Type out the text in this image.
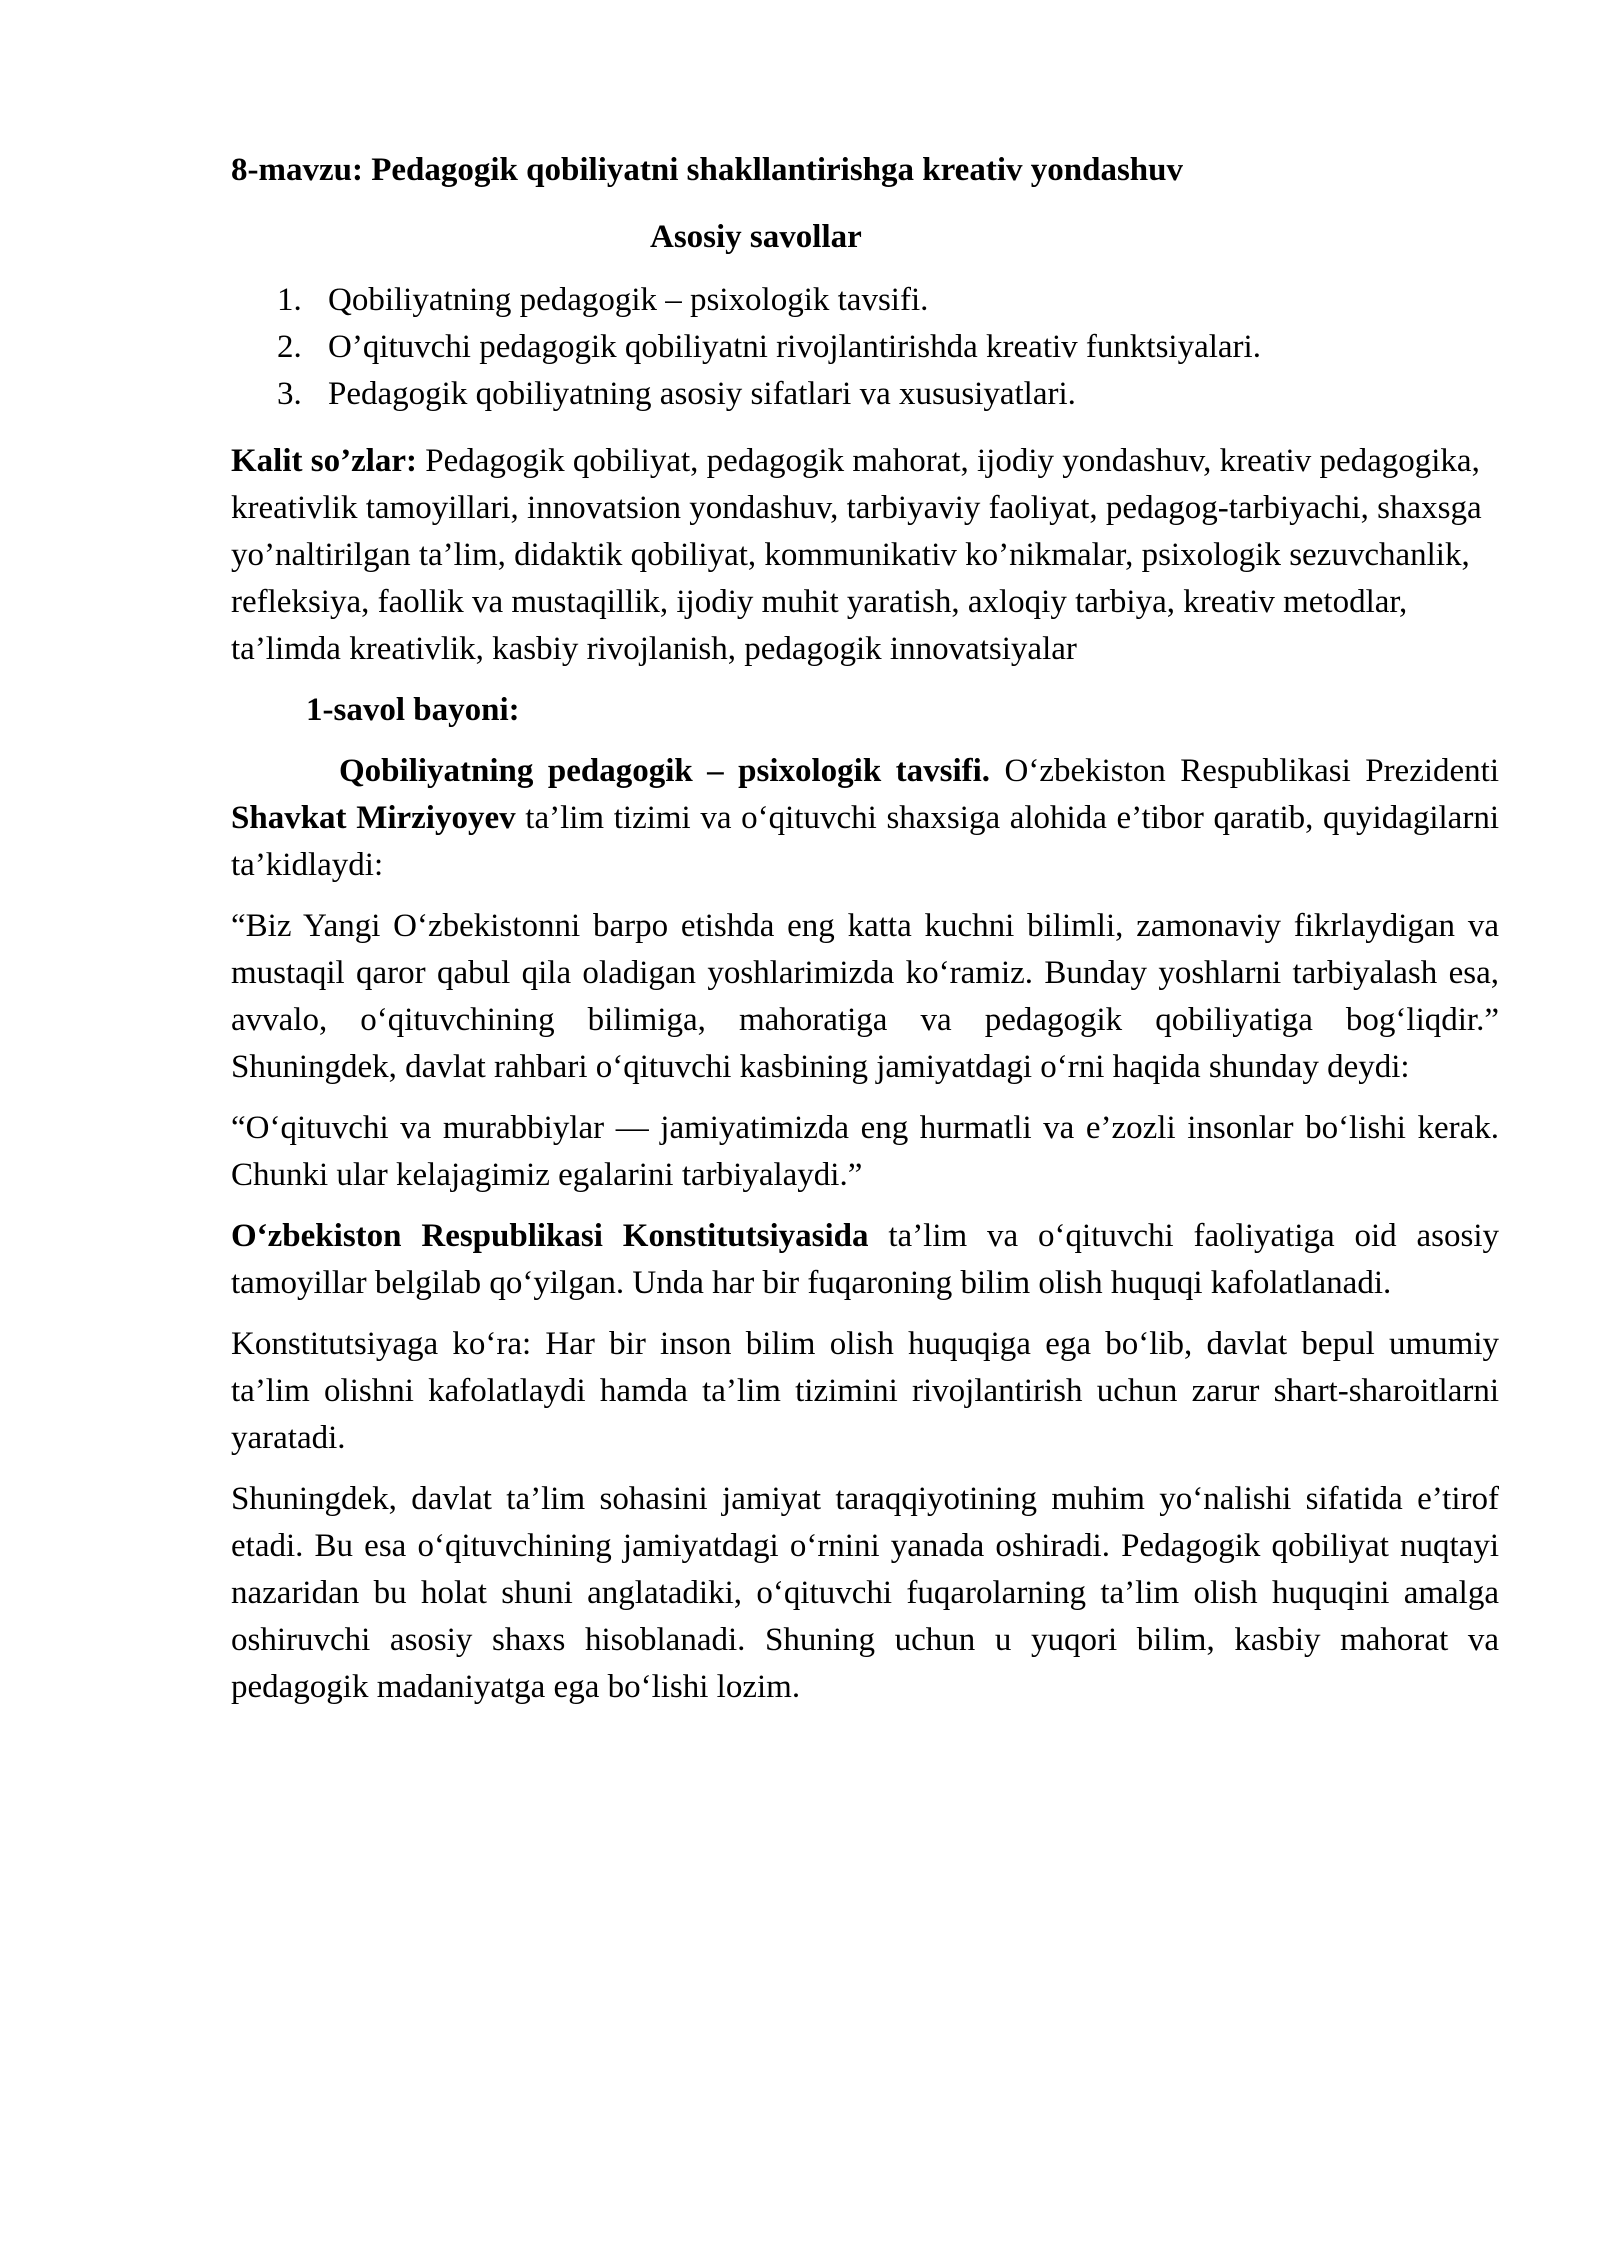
8-mavzu: Pedagogik qobiliyatni shakllantirishga kreativ yondashuv

Asosiy savollar

1. Qobiliyatning pedagogik – psixologik tavsifi.
2. O’qituvchi pedagogik qobiliyatni rivojlantirishda kreativ funktsiyalari.
3. Pedagogik qobiliyatning asosiy sifatlari va xususiyatlari.

Kalit so’zlar: Pedagogik qobiliyat, pedagogik mahorat, ijodiy yondashuv, kreativ pedagogika, kreativlik tamoyillari, innovatsion yondashuv, tarbiyaviy faoliyat, pedagog-tarbiyachi, shaxsga yo’naltirilgan ta’lim, didaktik qobiliyat, kommunikativ ko’nikmalar, psixologik sezuvchanlik, refleksiya, faollik va mustaqillik, ijodiy muhit yaratish, axloqiy tarbiya, kreativ metodlar, ta’limda kreativlik, kasbiy rivojlanish, pedagogik innovatsiyalar

1-savol bayoni:

Qobiliyatning pedagogik – psixologik tavsifi. O‘zbekiston Respublikasi Prezidenti Shavkat Mirziyoyev ta’lim tizimi va o‘qituvchi shaxsiga alohida e’tibor qaratib, quyidagilarni ta’kidlaydi:

“Biz Yangi O‘zbekistonni barpo etishda eng katta kuchni bilimli, zamonaviy fikrlaydigan va mustaqil qaror qabul qila oladigan yoshlarimizda ko‘ramiz. Bunday yoshlarni tarbiyalash esa, avvalo, o‘qituvchining bilimiga, mahoratiga va pedagogik qobiliyatiga bog‘liqdir.” Shuningdek, davlat rahbari o‘qituvchi kasbining jamiyatdagi o‘rni haqida shunday deydi:

“O‘qituvchi va murabbiylar — jamiyatimizda eng hurmatli va e’zozli insonlar bo‘lishi kerak. Chunki ular kelajagimiz egalarini tarbiyalaydi.”

O‘zbekiston Respublikasi Konstitutsiyasida ta’lim va o‘qituvchi faoliyatiga oid asosiy tamoyillar belgilab qo‘yilgan. Unda har bir fuqaroning bilim olish huquqi kafolatlanadi.

Konstitutsiyaga ko‘ra: Har bir inson bilim olish huquqiga ega bo‘lib, davlat bepul umumiy ta’lim olishni kafolatlaydi hamda ta’lim tizimini rivojlantirish uchun zarur shart-sharoitlarni yaratadi.

Shuningdek, davlat ta’lim sohasini jamiyat taraqqiyotining muhim yo‘nalishi sifatida e’tirof etadi. Bu esa o‘qituvchining jamiyatdagi o‘rnini yanada oshiradi. Pedagogik qobiliyat nuqtayi nazaridan bu holat shuni anglatadiki, o‘qituvchi fuqarolarning ta’lim olish huquqini amalga oshiruvchi asosiy shaxs hisoblanadi. Shuning uchun u yuqori bilim, kasbiy mahorat va pedagogik madaniyatga ega bo‘lishi lozim.
